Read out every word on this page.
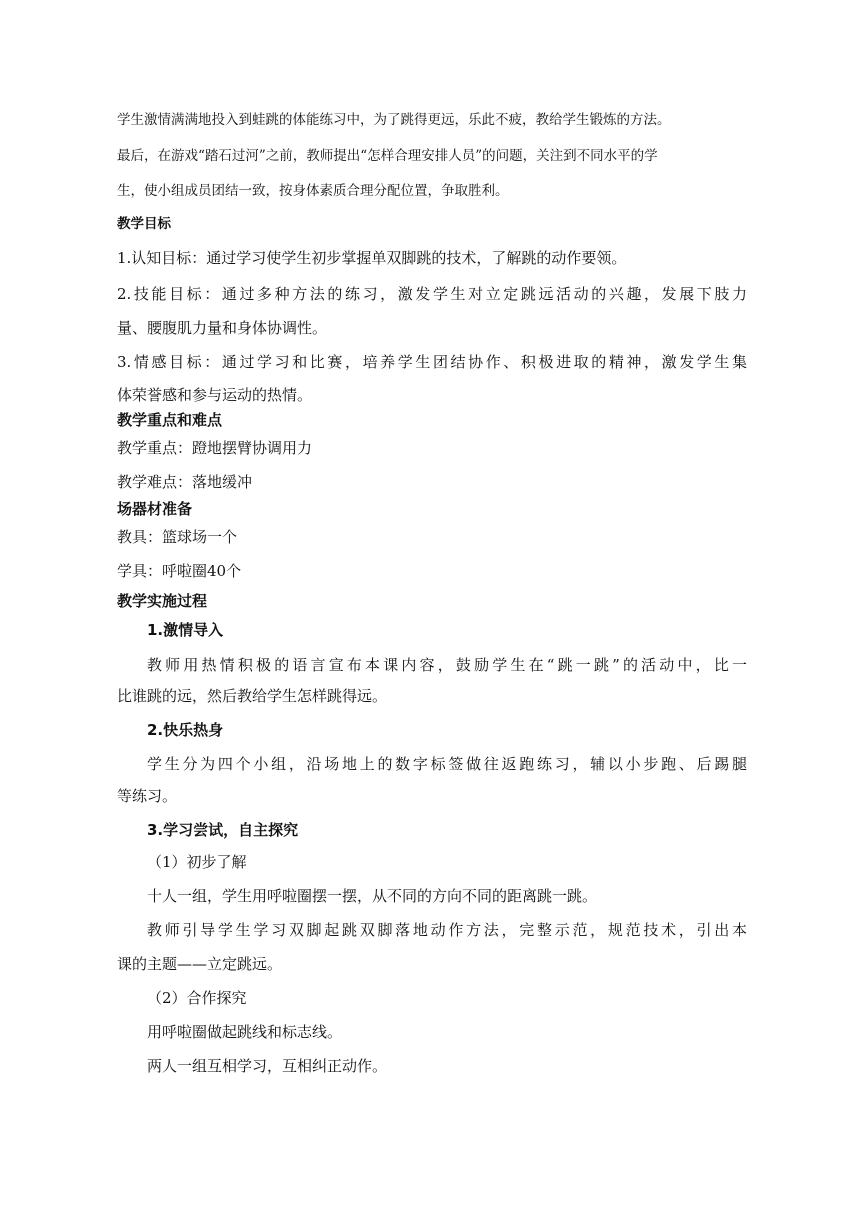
学生激情满满地投入到蛙跳的体能练习中，为了跳得更远，乐此不疲，教给学生锻炼的方法。
最后，在游戏“踏石过河”之前，教师提出“怎样合理安排人员”的问题，关注到不同水平的学
生，使小组成员团结一致，按身体素质合理分配位置，争取胜利。
教学目标
1.认知目标：通过学习使学生初步掌握单双脚跳的技术，了解跳的动作要领。
2.技能目标：通过多种方法的练习，激发学生对立定跳远活动的兴趣，发展下肢力
量、腰腹肌力量和身体协调性。
3.情感目标：通过学习和比赛，培养学生团结协作、积极进取的精神，激发学生集
体荣誉感和参与运动的热情。
教学重点和难点
教学重点：蹬地摆臂协调用力
教学难点：落地缓冲
场器材准备
教具：篮球场一个
学具：呼啦圈40个
教学实施过程
1.激情导入
教师用热情积极的语言宣布本课内容，鼓励学生在“跳一跳”的活动中，比一
比谁跳的远，然后教给学生怎样跳得远。
2.快乐热身
学生分为四个小组，沿场地上的数字标签做往返跑练习，辅以小步跑、后踢腿
等练习。
3.学习尝试，自主探究
（1）初步了解
十人一组，学生用呼啦圈摆一摆，从不同的方向不同的距离跳一跳。
教师引导学生学习双脚起跳双脚落地动作方法，完整示范，规范技术，引出本
课的主题——立定跳远。
（2）合作探究
用呼啦圈做起跳线和标志线。
两人一组互相学习，互相纠正动作。
